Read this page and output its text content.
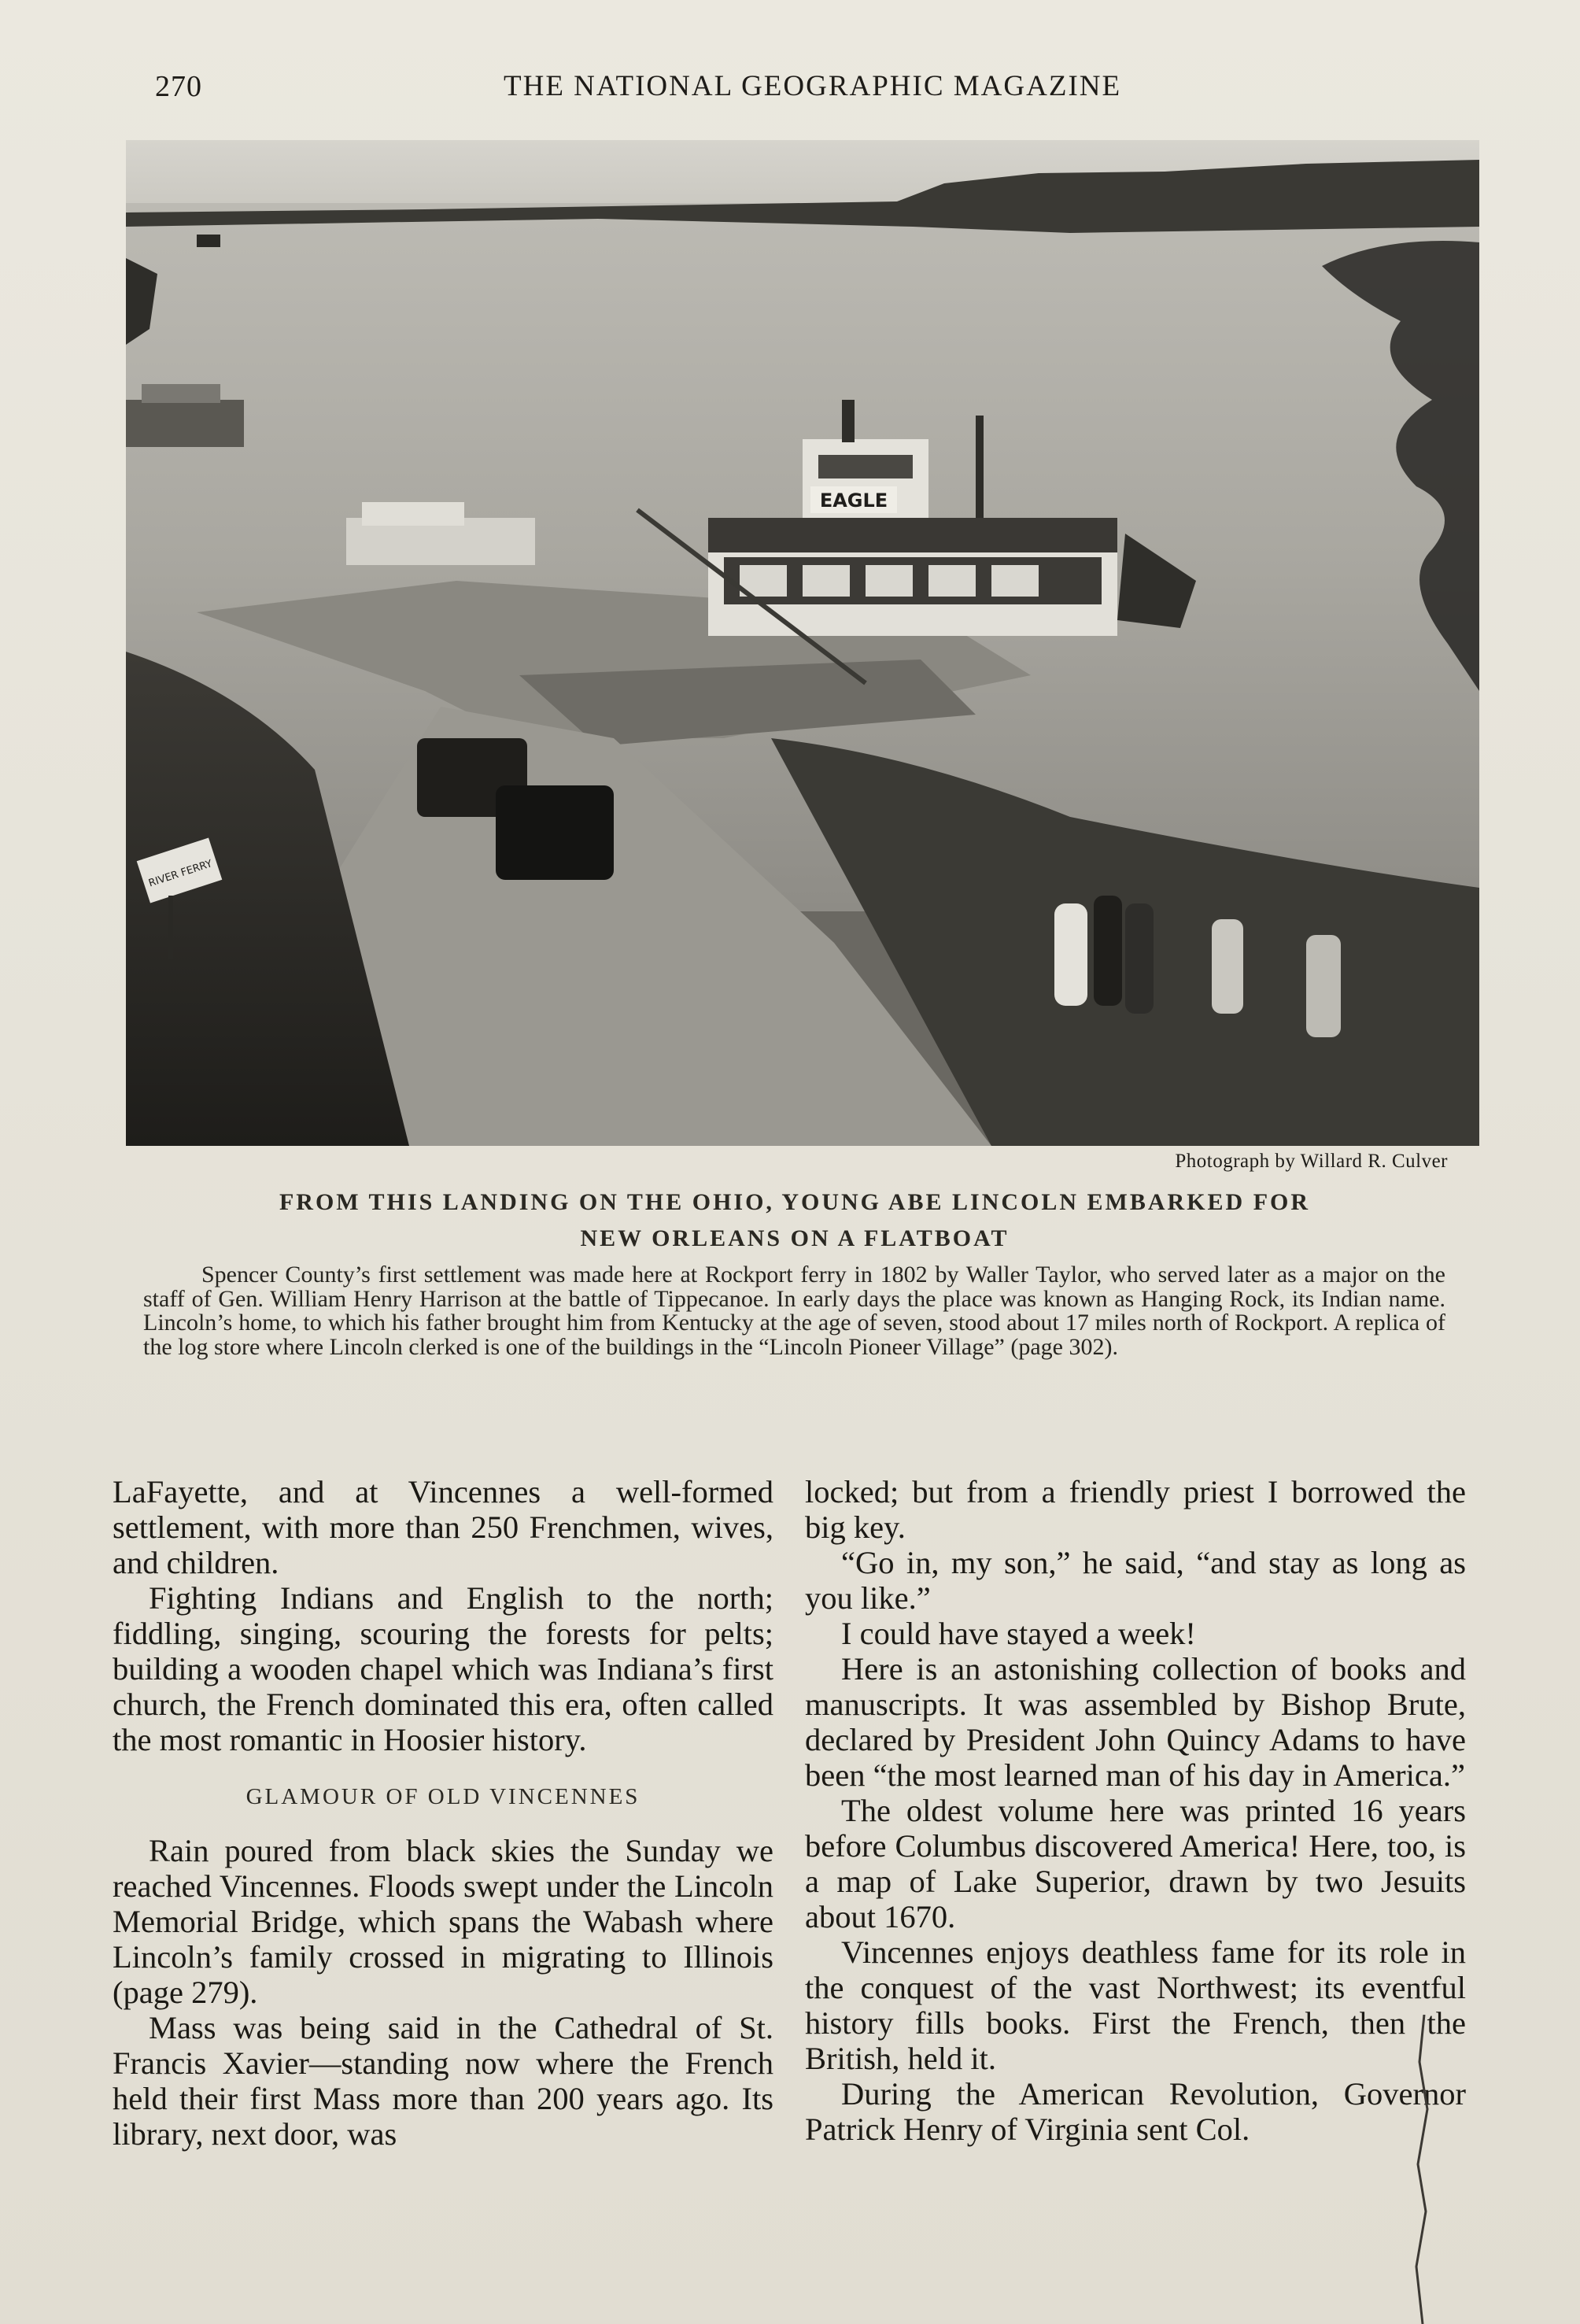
270	THE NATIONAL GEOGRAPHIC MAGAZINE
EAGLE
RIVER FERRY
Photograph by Willard R. Culver
FROM THIS LANDING ON THE OHIO, YOUNG ABE LINCOLN EMBARKED FOR
NEW ORLEANS ON A FLATBOAT
Spencer County’s first settlement was made here at Rockport ferry in 1802 by Waller Taylor, who served later as a major on the staff of Gen. William Henry Harrison at the battle of Tippecanoe. In early days the place was known as Hanging Rock, its Indian name. Lincoln’s home, to which his father brought him from Kentucky at the age of seven, stood about 17 miles north of Rockport. A replica of the log store where Lincoln clerked is one of the buildings in the “Lincoln Pioneer Village” (page 302).

LaFayette, and at Vincennes a well-formed settlement, with more than 250 Frenchmen, wives, and children.

Fighting Indians and English to the north; fiddling, singing, scouring the forests for pelts; building a wooden chapel which was Indiana’s first church, the French dominated this era, often called the most romantic in Hoosier history.

GLAMOUR OF OLD VINCENNES

Rain poured from black skies the Sunday we reached Vincennes. Floods swept under the Lincoln Memorial Bridge, which spans the Wabash where Lincoln’s family crossed in migrating to Illinois (page 279).

Mass was being said in the Cathedral of St. Francis Xavier—standing now where the French held their first Mass more than 200 years ago. Its library, next door, was

locked; but from a friendly priest I borrowed the big key.

“Go in, my son,” he said, “and stay as long as you like.”

I could have stayed a week!

Here is an astonishing collection of books and manuscripts. It was assembled by Bishop Brute, declared by President John Quincy Adams to have been “the most learned man of his day in America.”

The oldest volume here was printed 16 years before Columbus discovered America! Here, too, is a map of Lake Superior, drawn by two Jesuits about 1670.

Vincennes enjoys deathless fame for its role in the conquest of the vast Northwest; its eventful history fills books. First the French, then the British, held it.

During the American Revolution, Governor Patrick Henry of Virginia sent Col.
